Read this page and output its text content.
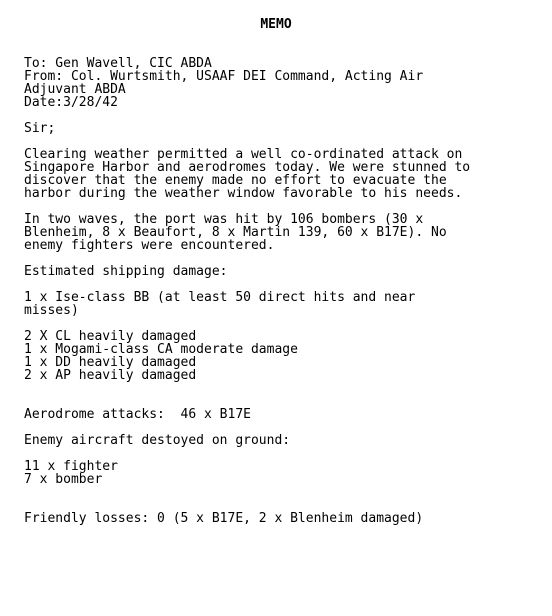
MEMO
To: Gen Wavell, CIC ABDA
From: Col. Wurtsmith, USAAF DEI Command, Acting Air
Adjuvant ABDA
Date:3/28/42
Sir;
Clearing weather permitted a well co-ordinated attack on
Singapore Harbor and aerodromes today. We were stunned to
discover that the enemy made no effort to evacuate the
harbor during the weather window favorable to his needs.
In two waves, the port was hit by 106 bombers (30 x
Blenheim, 8 x Beaufort, 8 x Martin 139, 60 x B17E). No
enemy fighters were encountered.
Estimated shipping damage:
1 x Ise-class BB (at least 50 direct hits and near
misses)
2 X CL heavily damaged
1 x Mogami-class CA moderate damage
1 x DD heavily damaged
2 x AP heavily damaged
Aerodrome attacks:  46 x B17E
Enemy aircraft destoyed on ground:
11 x fighter
7 x bomber
Friendly losses: 0 (5 x B17E, 2 x Blenheim damaged)
